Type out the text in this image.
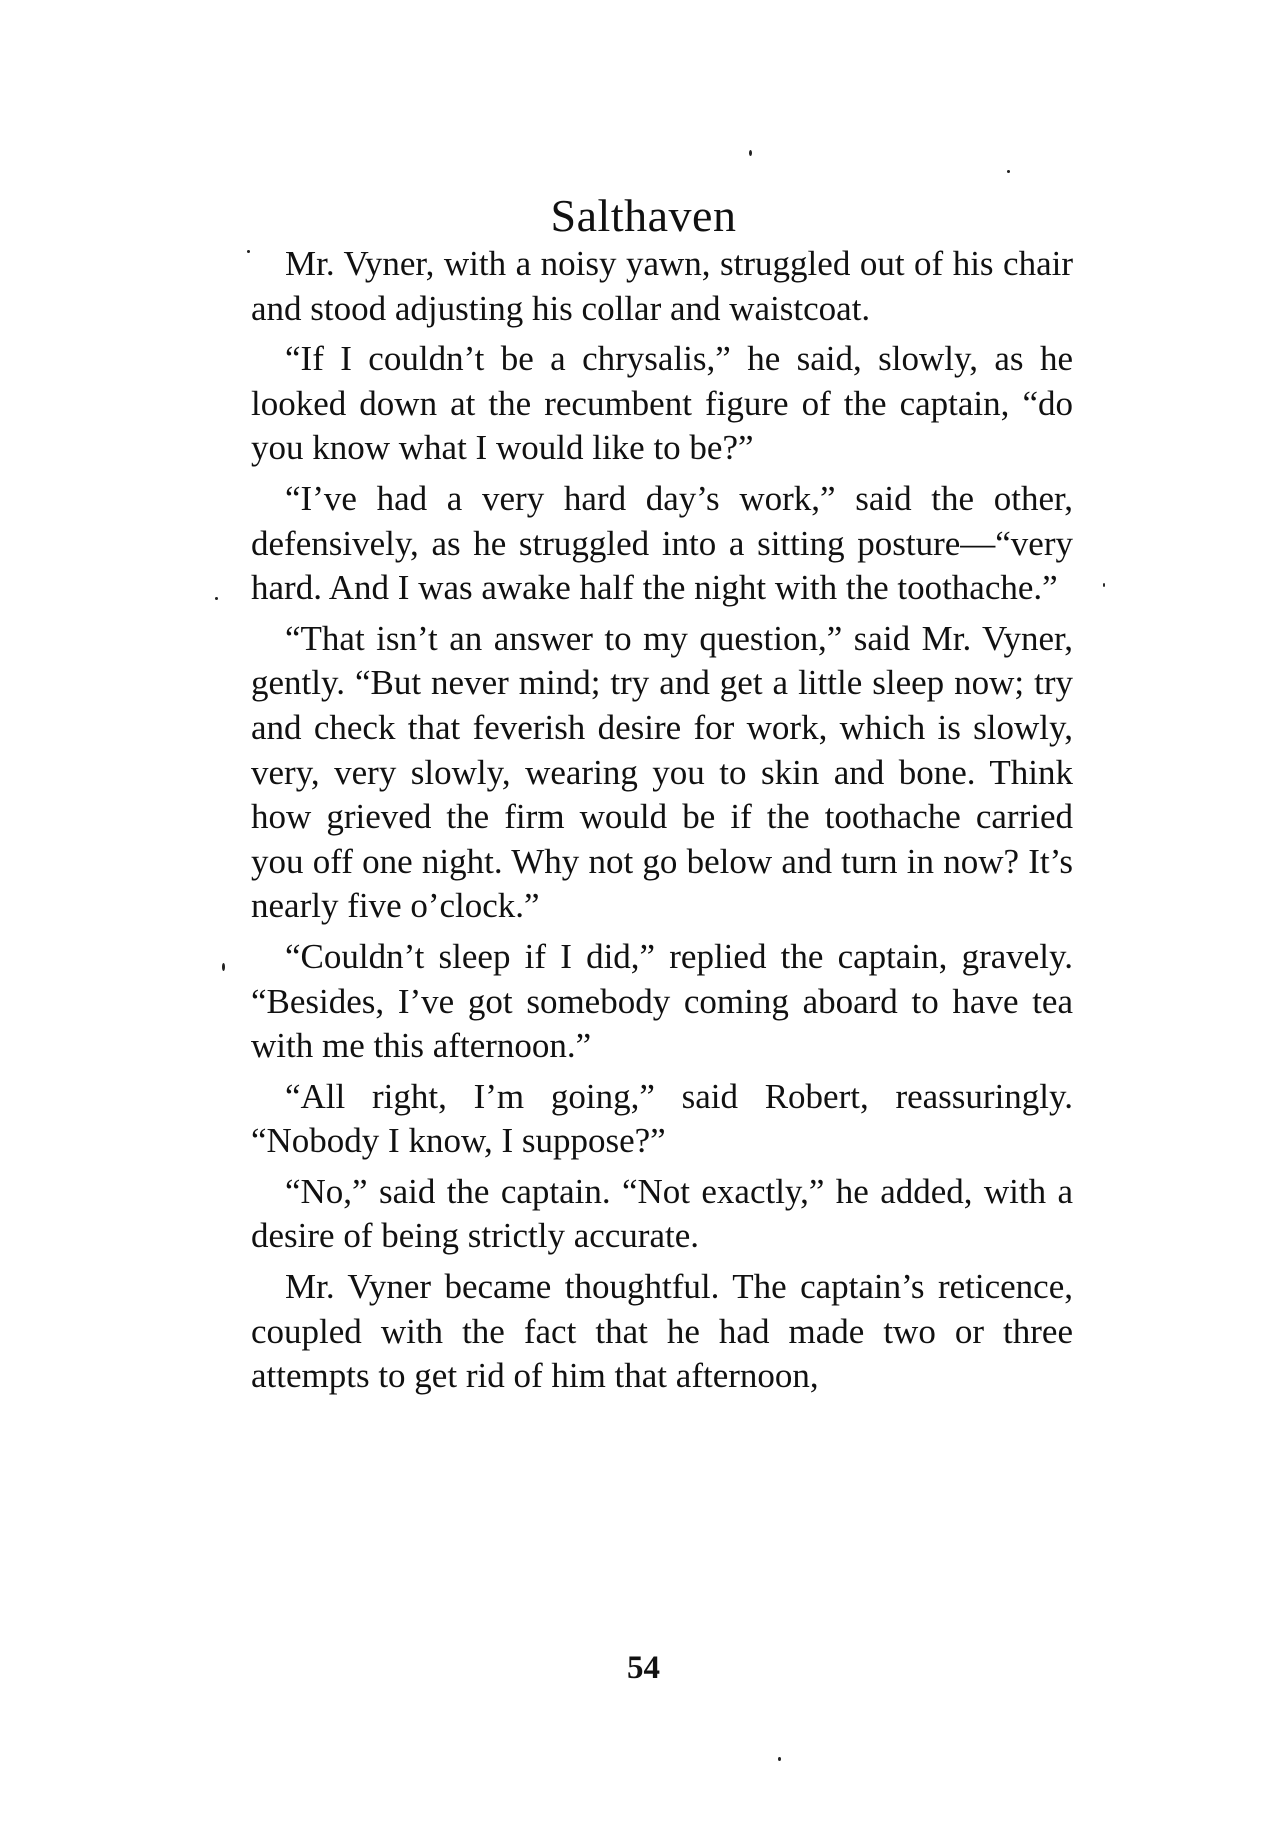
Salthaven

Mr. Vyner, with a noisy yawn, struggled out of his chair and stood adjusting his collar and waistcoat.

“If I couldn’t be a chrysalis,” he said, slowly, as he looked down at the recumbent figure of the captain, “do you know what I would like to be?”

“I’ve had a very hard day’s work,” said the other, defensively, as he struggled into a sitting posture—“very hard. And I was awake half the night with the toothache.”

“That isn’t an answer to my question,” said Mr. Vyner, gently. “But never mind; try and get a little sleep now; try and check that feverish desire for work, which is slowly, very, very slowly, wearing you to skin and bone. Think how grieved the firm would be if the toothache carried you off one night. Why not go below and turn in now? It’s nearly five o’clock.”

“Couldn’t sleep if I did,” replied the captain, gravely. “Besides, I’ve got somebody coming aboard to have tea with me this afternoon.”

“All right, I’m going,” said Robert, reassuringly. “Nobody I know, I suppose?”

“No,” said the captain. “Not exactly,” he added, with a desire of being strictly accurate.

Mr. Vyner became thoughtful. The captain’s reticence, coupled with the fact that he had made two or three attempts to get rid of him that afternoon,

54
